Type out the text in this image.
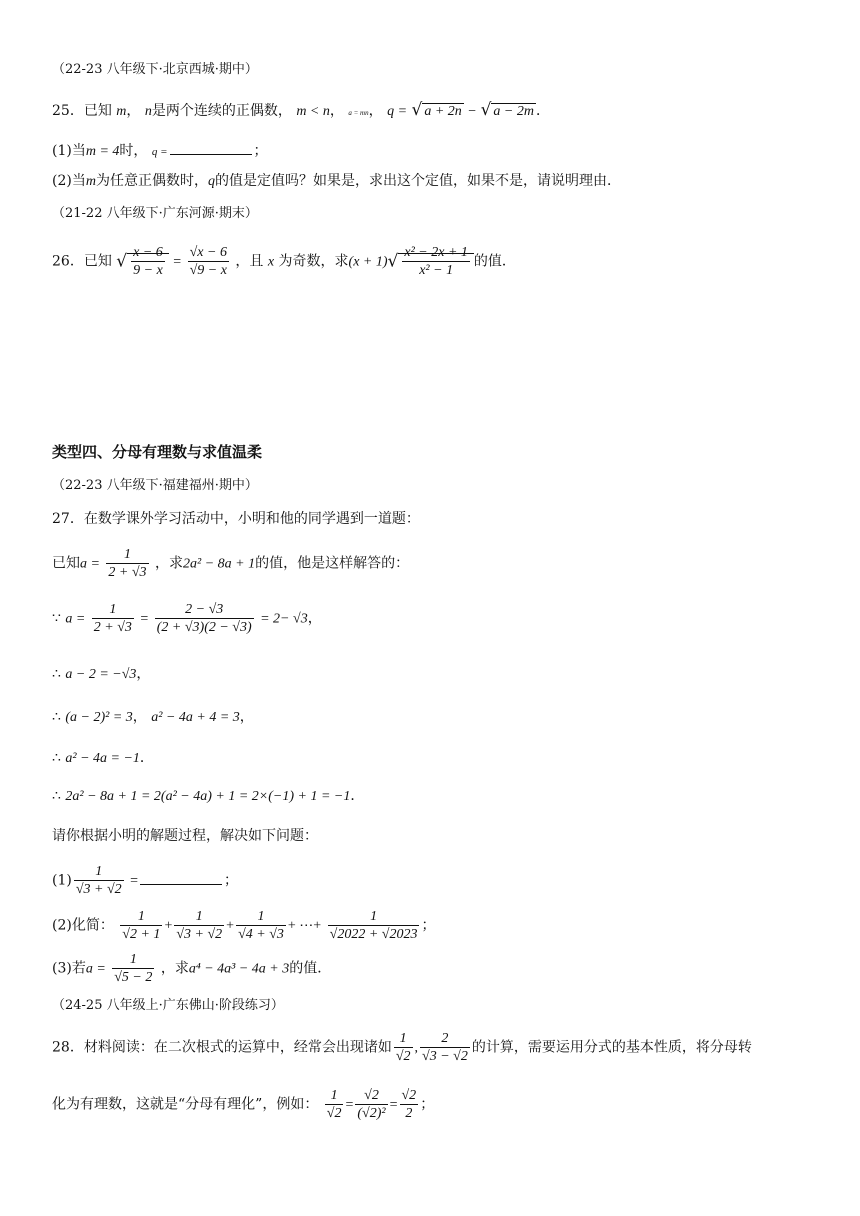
（22-23 八年级下·北京西城·期中）
25．已知 m， n是两个连续的正偶数， m < n， a = mn， q = √ a + 2n − √ a − 2m ．
(1)当m = 4时， q =	；
(2)当m为任意正偶数时，q的值是定值吗？如果是，求出这个定值，如果不是，请说明理由．
（21-22 八年级下·广东河源·期末）
26．已知 √ $\frac{x - 6}{9 - x} = \frac{√x - 6}{√9 - x}$ ，且 x 为奇数，求$(x + 1)√ \frac{\text{x² − 2x + 1}}{\text{x² − 1}}$ 的值．
类型四、分母有理数与求值温柔
（22-23 八年级下·福建福州·期中）
27．在数学课外学习活动中，小明和他的同学遇到一道题：
已知$a = \frac{1}{2 + √3}$ ，求2a² − 8a + 1的值，他是这样解答的：
∵ $a = \frac{1}{2 + √3} = \frac{2 - √3}{(2 + √3)(2 - √3)} = 2- √3$，
∴ a − 2 = −√3，
∴ (a − 2)² = 3， a² − 4a + 4 = 3，
∴ a² − 4a = −1．
∴ 2a² − 8a + 1 = 2(a² − 4a) + 1 = 2×(−1) + 1 = −1．
请你根据小明的解题过程，解决如下问题：
$(1) \frac{1}{√3 + √2}$ =	；
(2)化简： $\frac{1}{√2 + 1} + \frac{1}{√3 + √2} + \frac{1}{√4 + √3}$ + ⋯+ $\frac{1}{√2022 + √2023}$ ；
(3)若$a = \frac{1}{√5 - 2}$ ，求a⁴ − 4a³ − 4a + 3的值．
（24-25 八年级上·广东佛山·阶段练习）
28．材料阅读：在二次根式的运算中，经常会出现诸如 $\frac{1}{√2}$ , $\frac{2}{√3 - √2}$ 的计算，需要运用分式的基本性质，将分母转
化为有理数，这就是“分母有理化”，例如： $\frac{1}{√2} = \frac{√2}{\text{(√2)²}} = \frac{√2}{2}$ ；
